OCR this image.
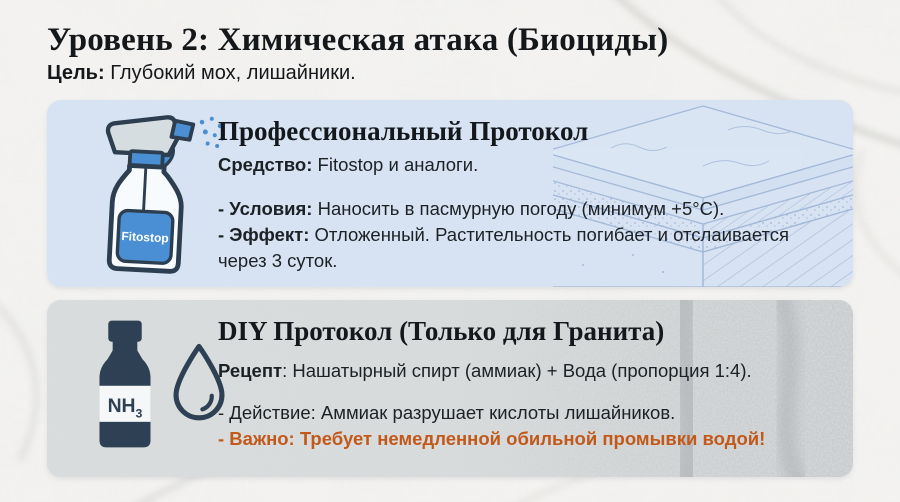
Уровень 2: Химическая атака (Биоциды)

Цель: Глубокий мох, лишайники.

Fitostop
Профессиональный Протокол

Средство: Fitostop и аналоги.

- Условия: Наносить в пасмурную погоду (минимум +5°C).

- Эффект: Отложенный. Растительность погибает и отслаивается
через 3 суток.

$NH_3$
DIY Протокол (Только для Гранита)

Рецепт: Нашатырный спирт (аммиак) + Вода (пропорция 1:4).

- Действие: Аммиак разрушает кислоты лишайников.

- Важно: Требует немедленной обильной промывки водой!
